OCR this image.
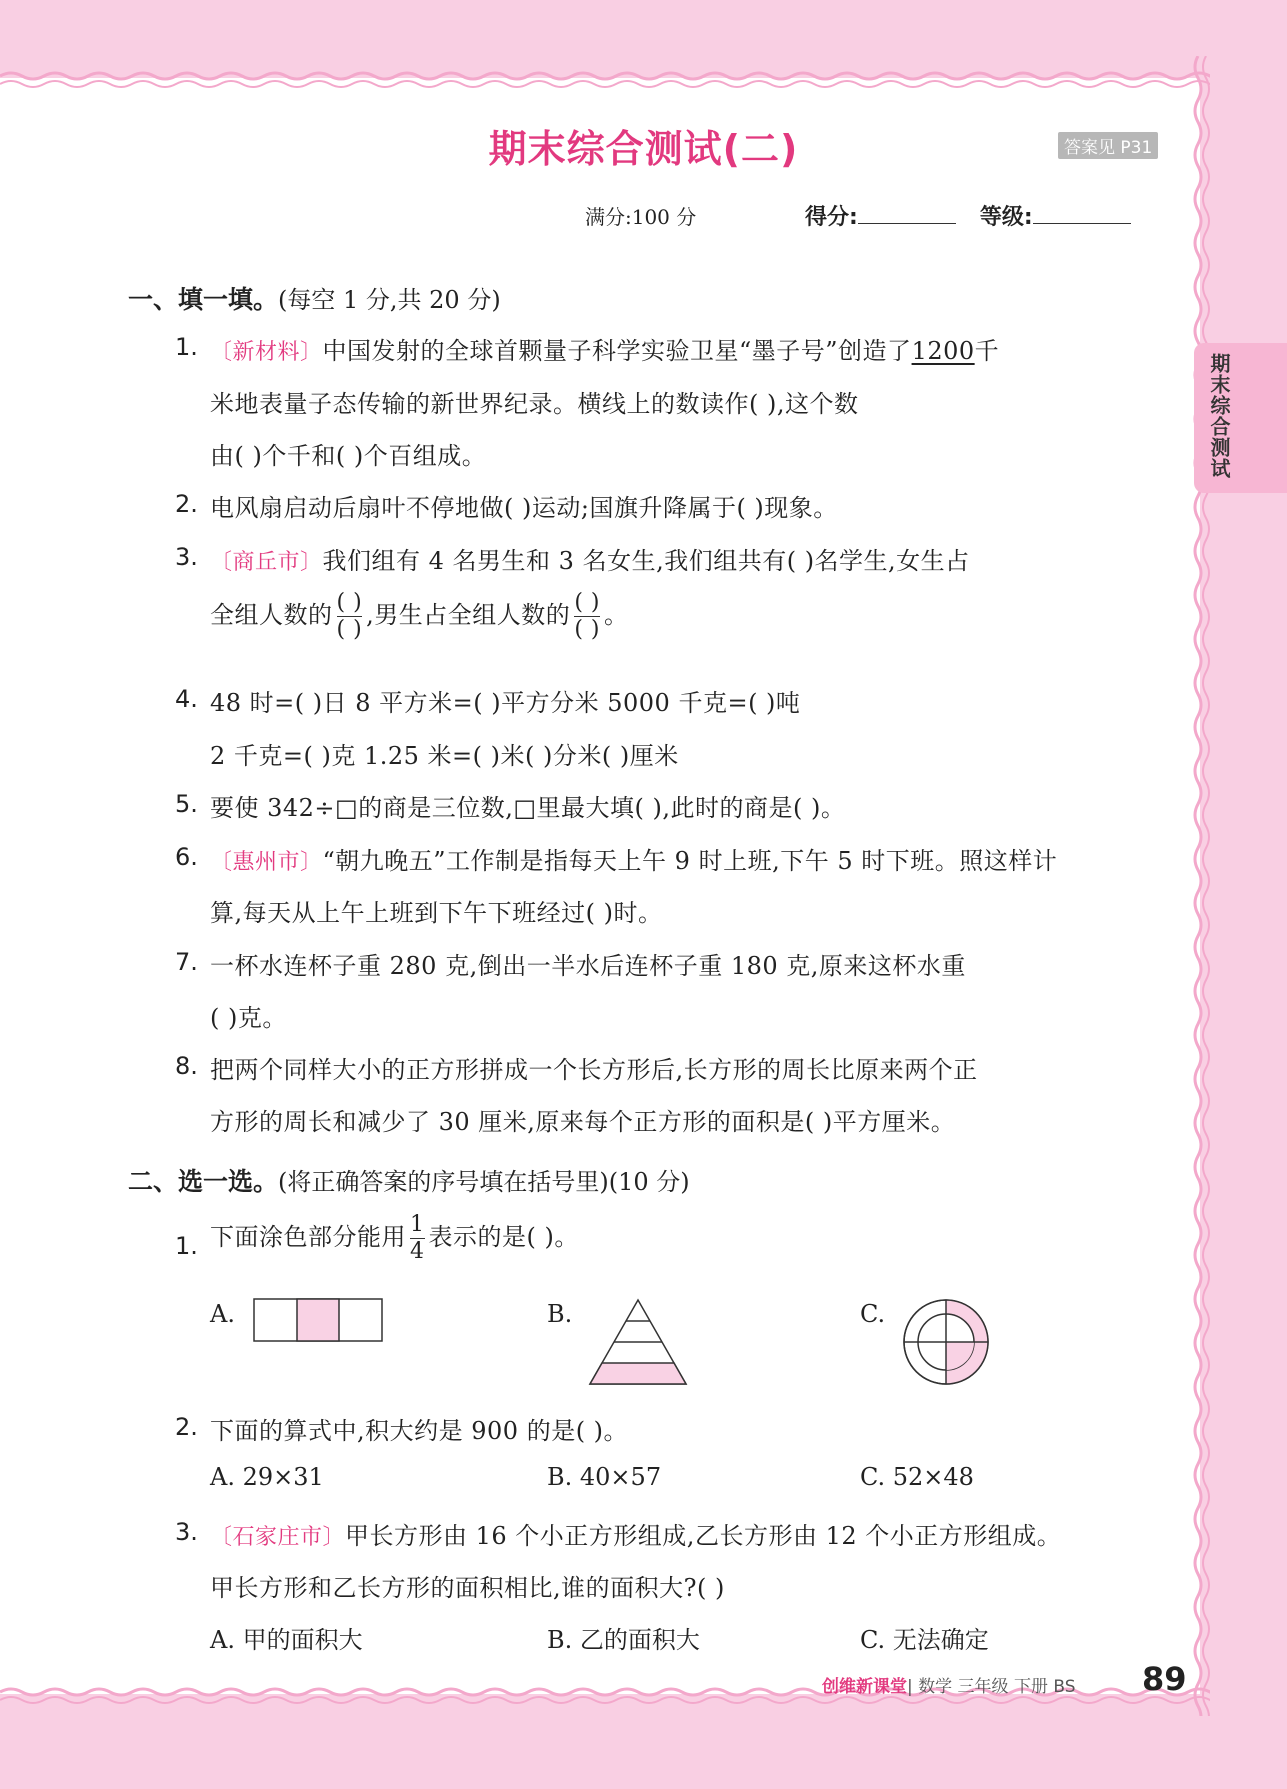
期末综合测试
期末综合测试(二)	答案见 P31
满分:100 分	得分:	等级:
一、填一填。(每空 1 分,共 20 分)
1. 〔新材料〕中国发射的全球首颗量子科学实验卫星“墨子号”创造了1200千
米地表量子态传输的新世界纪录。横线上的数读作( ),这个数
由( )个千和( )个百组成。
2. 电风扇启动后扇叶不停地做( )运动;国旗升降属于( )现象。
3. 〔商丘市〕我们组有 4 名男生和 3 名女生,我们组共有( )名学生,女生占
全组人数的 $\frac{( )}{( )}$ ,男生占全组人数的 $\frac{( )}{( )}$ 。
4. 48 时=( )日 8 平方米=( )平方分米 5000 千克=( )吨
2 千克=( )克 1.25 米=( )米( )分米( )厘米
5. 要使 342÷□的商是三位数,□里最大填( ),此时的商是( )。
6. 〔惠州市〕“朝九晚五”工作制是指每天上午 9 时上班,下午 5 时下班。照这样计
算,每天从上午上班到下午下班经过( )时。
7. 一杯水连杯子重 280 克,倒出一半水后连杯子重 180 克,原来这杯水重
( )克。
8. 把两个同样大小的正方形拼成一个长方形后,长方形的周长比原来两个正
方形的周长和减少了 30 厘米,原来每个正方形的面积是( )平方厘米。
二、选一选。(将正确答案的序号填在括号里)(10 分)
1. 下面涂色部分能用 $\frac{1}{4}$ 表示的是( )。
A.	B.	C.
2. 下面的算式中,积大约是 900 的是( )。
A. 29×31	B. 40×57	C. 52×48
3. 〔石家庄市〕甲长方形由 16 个小正方形组成,乙长方形由 12 个小正方形组成。
甲长方形和乙长方形的面积相比,谁的面积大?( )
A. 甲的面积大	B. 乙的面积大	C. 无法确定
创维新课堂| 数学 三年级 下册 BS 89
